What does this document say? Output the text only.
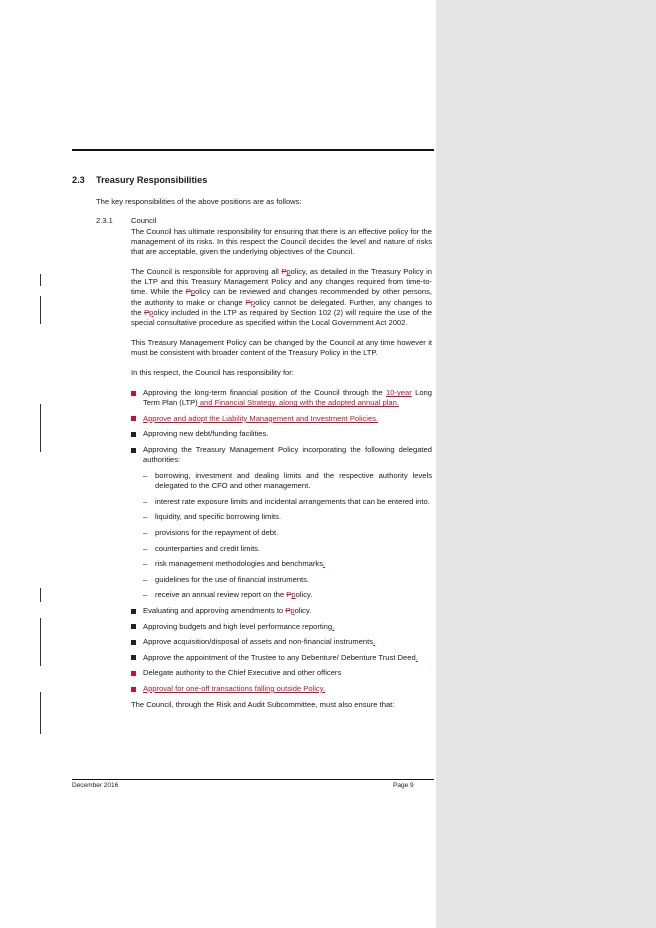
2.3 Treasury Responsibilities
The key responsibilities of the above positions are as follows:
2.3.1 Council

The Council has ultimate responsibility for ensuring that there is an effective policy for the management of its risks. In this respect the Council decides the level and nature of risks that are acceptable, given the underlying objectives of the Council.

The Council is responsible for approving all Ppolicy, as detailed in the Treasury Policy in the LTP and this Treasury Management Policy and any changes required from time-to-time. While the Ppolicy can be reviewed and changes recommended by other persons, the authority to make or change Ppolicy cannot be delegated. Further, any changes to the Ppolicy included in the LTP as required by Section 102 (2) will require the use of the special consultative procedure as specified within the Local Government Act 2002.

This Treasury Management Policy can be changed by the Council at any time however it must be consistent with broader content of the Treasury Policy in the LTP.

In this respect, the Council has responsibility for:

Approving the long-term financial position of the Council through the 10-year Long Term Plan (LTP) and Financial Strategy, along with the adopted annual plan.
Approve and adopt the Liability Management and Investment Policies.
Approving new debt/funding facilities.
Approving the Treasury Management Policy incorporating the following delegated authorities:
– borrowing, investment and dealing limits and the respective authority levels delegated to the CFO and other management.
– interest rate exposure limits and incidental arrangements that can be entered into.
– liquidity, and specific borrowing limits.
– provisions for the repayment of debt.
– counterparties and credit limits.
– risk management methodologies and benchmarks.
– guidelines for the use of financial instruments.
– receive an annual review report on the Ppolicy.
Evaluating and approving amendments to Ppolicy.
Approving budgets and high level performance reporting.
Approve acquisition/disposal of assets and non-financial instruments.
Approve the appointment of the Trustee to any Debenture/ Debenture Trust Deed.
Delegate authority to the Chief Executive and other officers
Approval for one-off transactions falling outside Policy.

The Council, through the Risk and Audit Subcommittee, must also ensure that:

December 2016	Page 9
